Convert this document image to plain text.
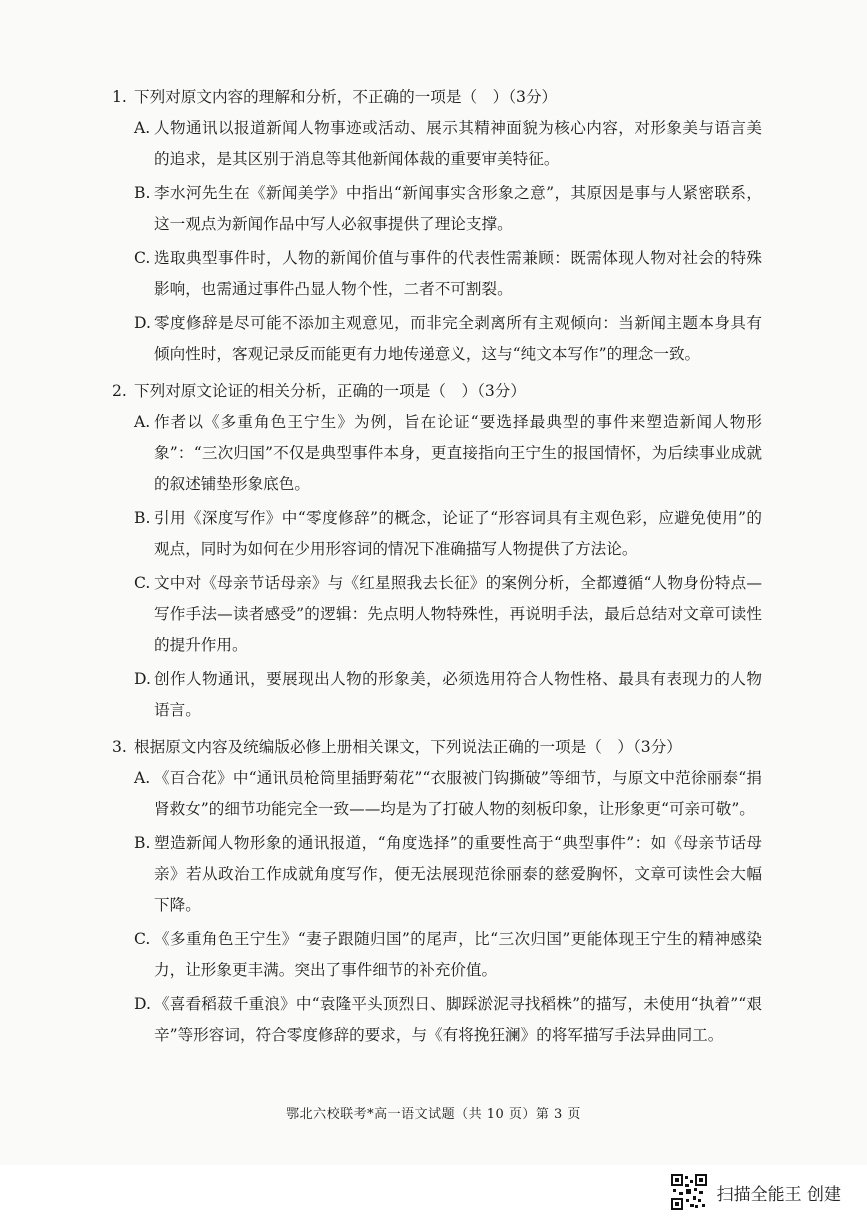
1. 下列对原文内容的理解和分析，不正确的一项是（　）（3分）
A. 人物通讯以报道新闻人物事迹或活动、展示其精神面貌为核心内容，对形象美与语言美的追求，是其区别于消息等其他新闻体裁的重要审美特征。
B. 李水河先生在《新闻美学》中指出“新闻事实含形象之意”，其原因是事与人紧密联系，这一观点为新闻作品中写人必叙事提供了理论支撑。
C. 选取典型事件时，人物的新闻价值与事件的代表性需兼顾：既需体现人物对社会的特殊影响，也需通过事件凸显人物个性，二者不可割裂。
D. 零度修辞是尽可能不添加主观意见，而非完全剥离所有主观倾向：当新闻主题本身具有倾向性时，客观记录反而能更有力地传递意义，这与“纯文本写作”的理念一致。
2. 下列对原文论证的相关分析，正确的一项是（　）（3分）
A. 作者以《多重角色王宁生》为例，旨在论证“要选择最典型的事件来塑造新闻人物形象”：“三次归国”不仅是典型事件本身，更直接指向王宁生的报国情怀，为后续事业成就的叙述铺垫形象底色。
B. 引用《深度写作》中“零度修辞”的概念，论证了“形容词具有主观色彩，应避免使用”的观点，同时为如何在少用形容词的情况下准确描写人物提供了方法论。
C. 文中对《母亲节话母亲》与《红星照我去长征》的案例分析，全都遵循“人物身份特点—写作手法—读者感受”的逻辑：先点明人物特殊性，再说明手法，最后总结对文章可读性的提升作用。
D. 创作人物通讯，要展现出人物的形象美，必须选用符合人物性格、最具有表现力的人物语言。
3. 根据原文内容及统编版必修上册相关课文，下列说法正确的一项是（　）（3分）
A. 《百合花》中“通讯员枪筒里插野菊花”“衣服被门钩撕破”等细节，与原文中范徐丽泰“捐肾救女”的细节功能完全一致——均是为了打破人物的刻板印象，让形象更“可亲可敬”。
B. 塑造新闻人物形象的通讯报道，“角度选择”的重要性高于“典型事件”：如《母亲节话母亲》若从政治工作成就角度写作，便无法展现范徐丽泰的慈爱胸怀，文章可读性会大幅下降。
C. 《多重角色王宁生》“妻子跟随归国”的尾声，比“三次归国”更能体现王宁生的精神感染力，让形象更丰满。突出了事件细节的补充价值。
D. 《喜看稻菽千重浪》中“袁隆平头顶烈日、脚踩淤泥寻找稻株”的描写，未使用“执着”“艰辛”等形容词，符合零度修辞的要求，与《有将挽狂澜》的将军描写手法异曲同工。
鄂北六校联考*高一语文试题（共 10 页）第 3 页
扫描全能王 创建
